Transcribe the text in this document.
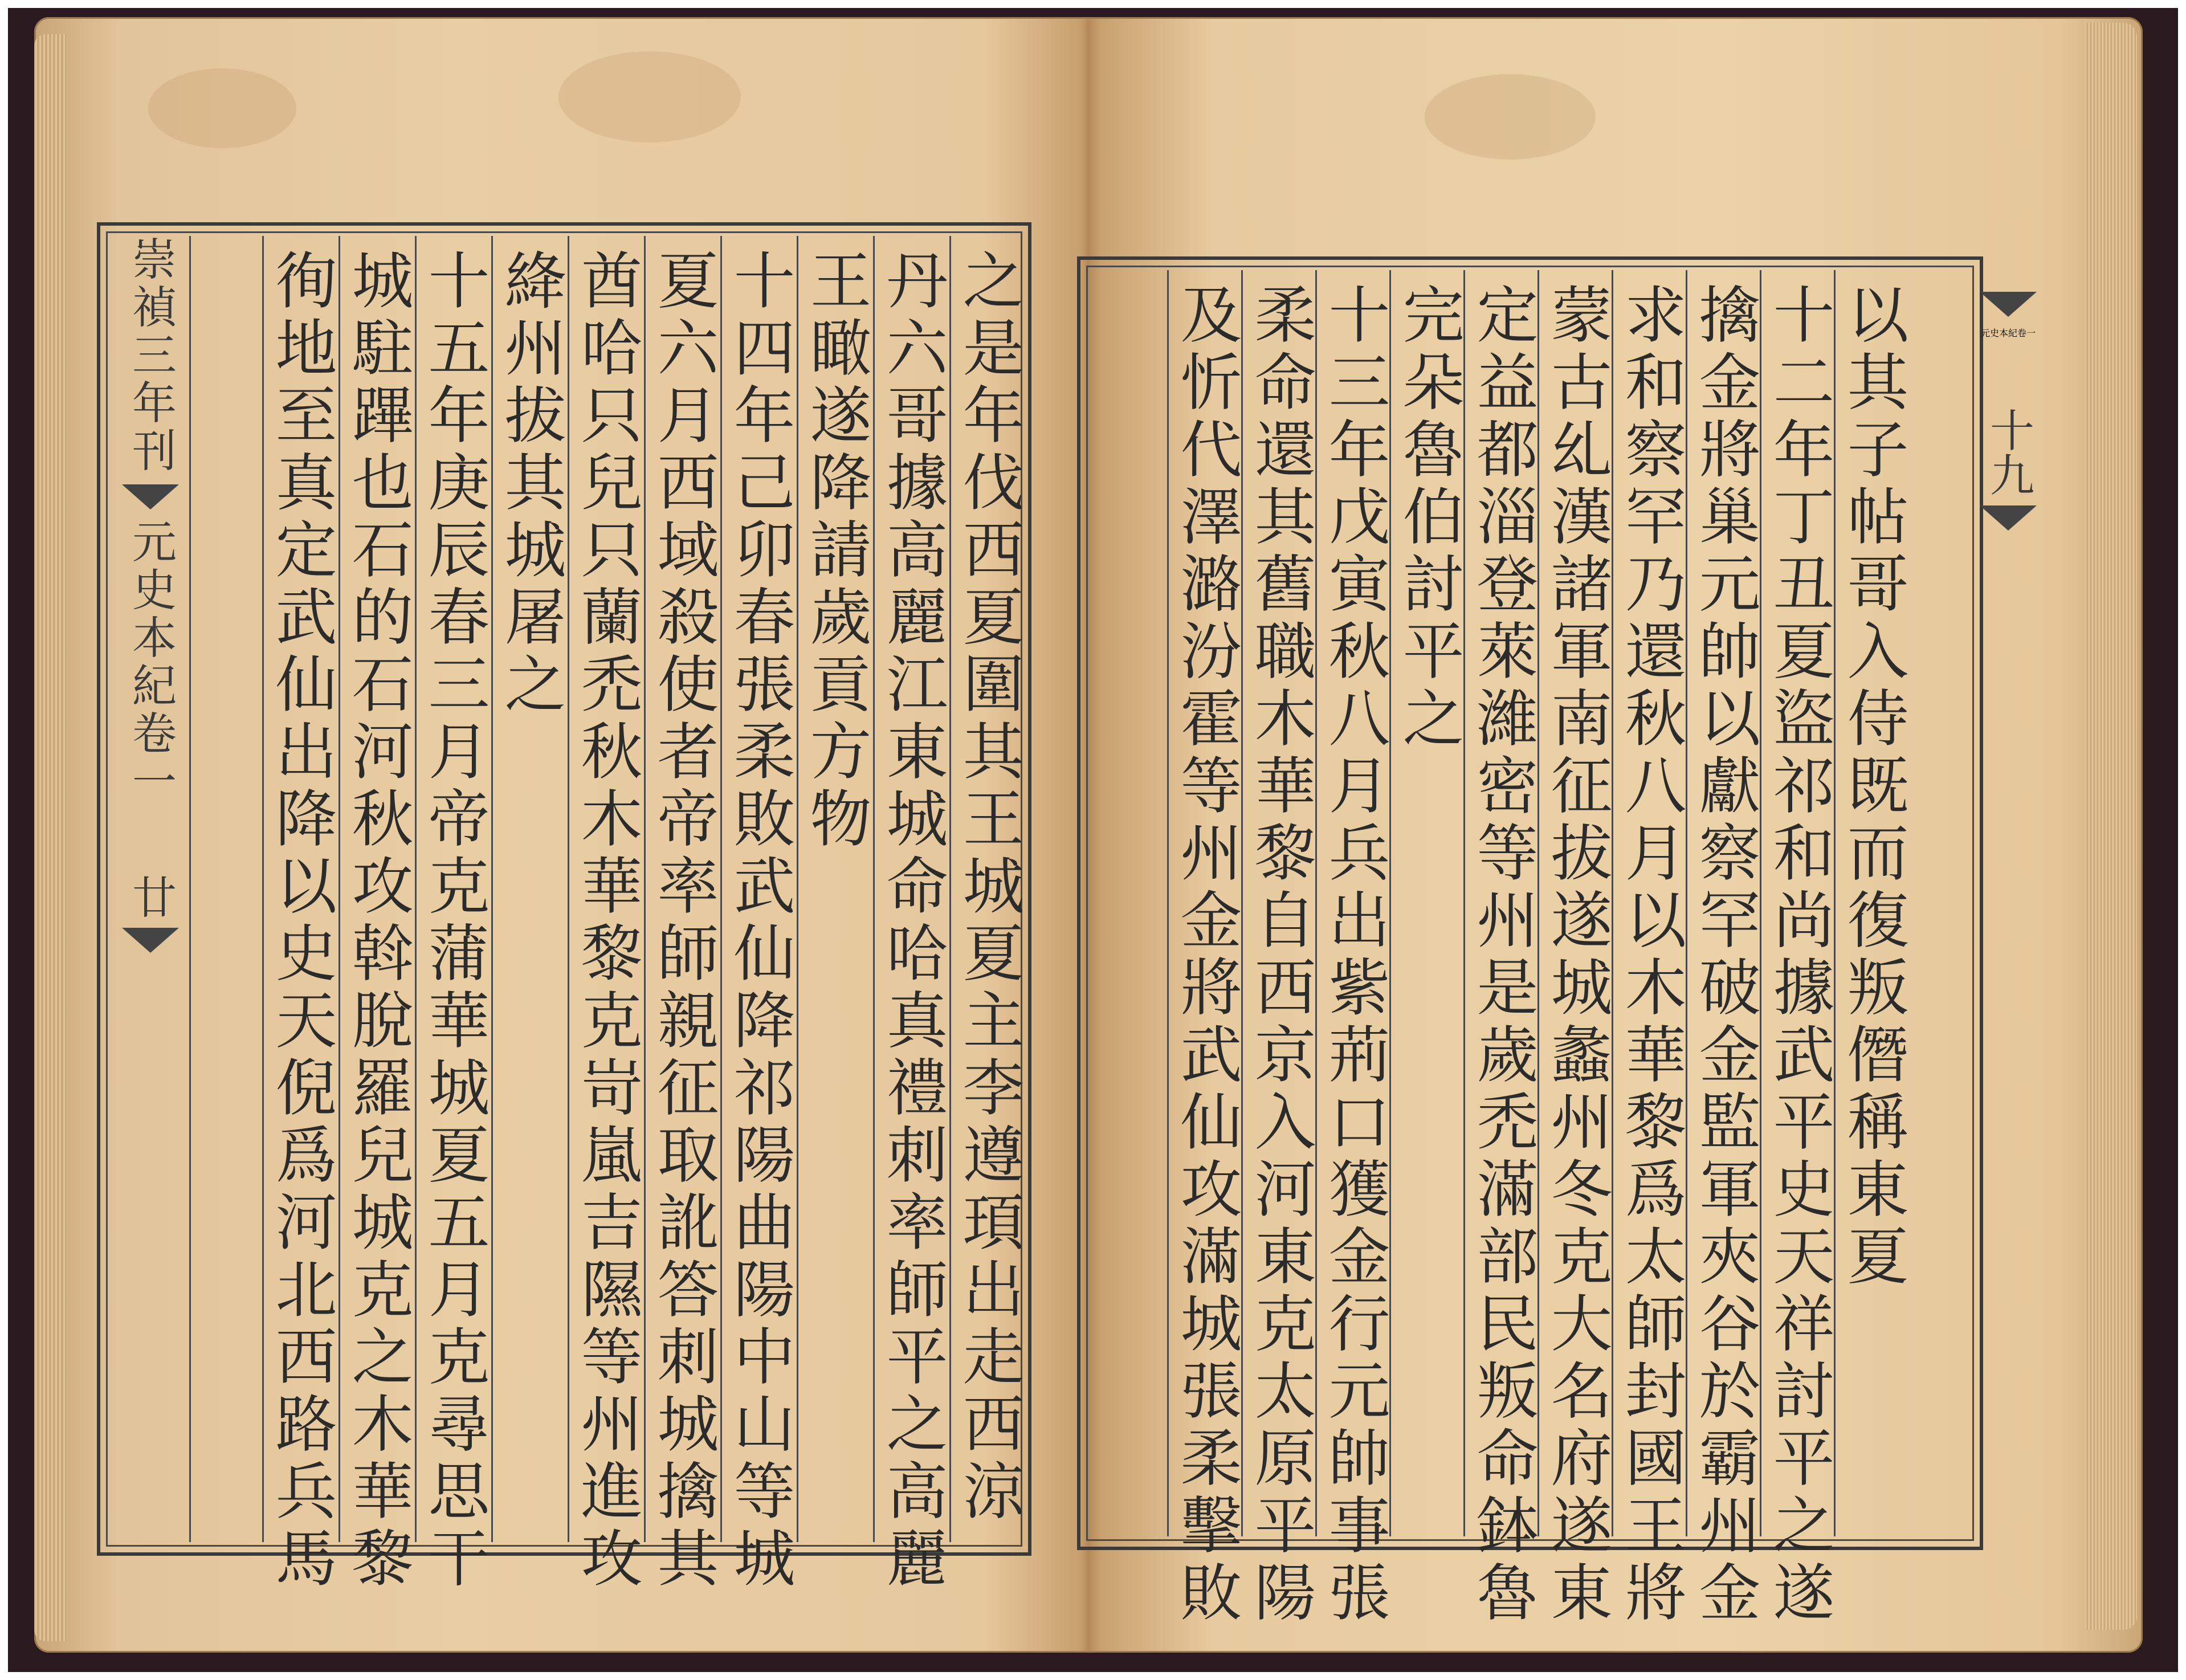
崇禎三年刊
元史本紀卷一
廿	之是年伐西夏圍其王城夏主李遵頊出走西涼
丹六哥據高麗江東城命哈真禮刺率師平之高麗
王瞰遂降請歲貢方物
十四年己卯春張柔敗武仙降祁陽曲陽中山等城
夏六月西域殺使者帝率師親征取訛答刺城擒其
酋哈只兒只蘭禿秋木華黎克岢嵐吉隰等州進攻
絳州拔其城屠之
十五年庚辰春三月帝克蒲華城夏五月克尋思干
城駐蹕也石的石河秋攻斡脫羅兒城克之木華黎
徇地至真定武仙出降以史天倪爲河北西路兵馬	以其子帖哥入侍既而復叛僭稱東夏
十二年丁丑夏盜祁和尚據武平史天祥討平之遂
擒金將巢元帥以獻察罕破金監軍夾谷於霸州金
求和察罕乃還秋八月以木華黎爲太師封國王將
蒙古乣漢諸軍南征拔遂城蠡州冬克大名府遂東
定益都淄登萊濰密等州是歲禿滿部民叛命鉢魯
完朵魯伯討平之
十三年戊寅秋八月兵出紫荊口獲金行元帥事張
柔命還其舊職木華黎自西京入河東克太原平陽
及忻代澤潞汾霍等州金將武仙攻滿城張柔擊敗	元史本紀卷一
十九
